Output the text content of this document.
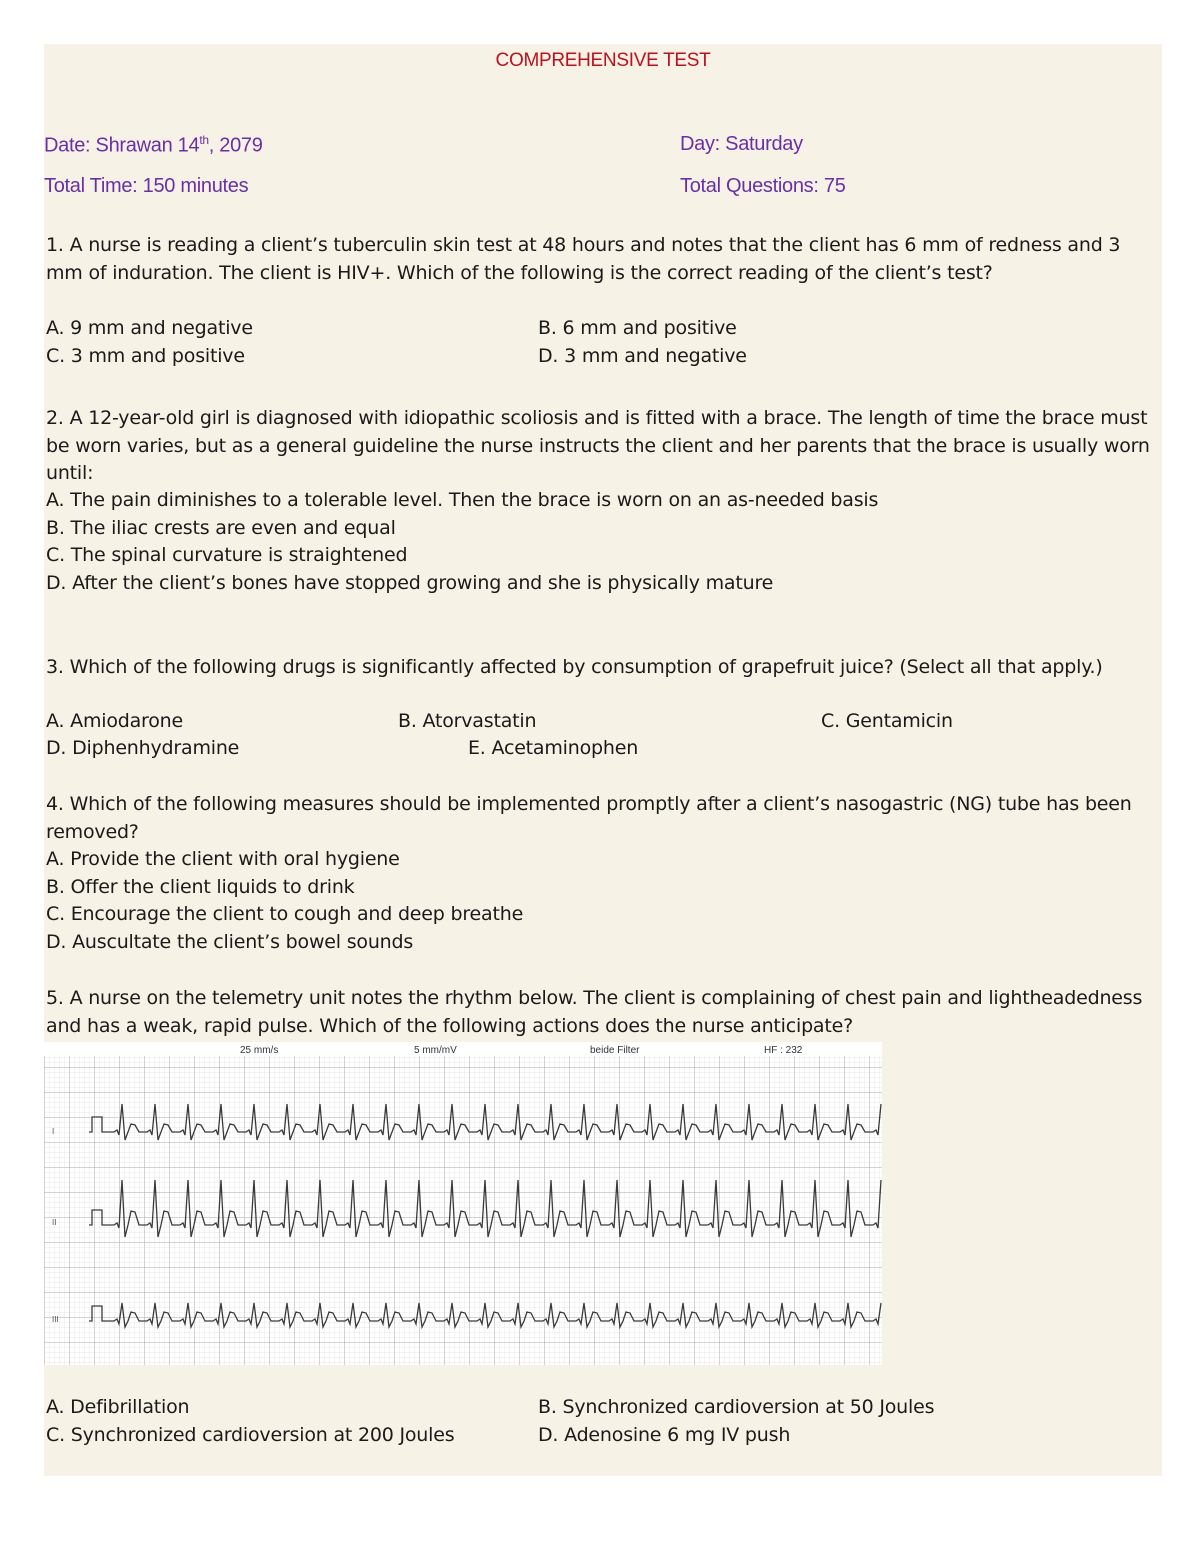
COMPREHENSIVE TEST
Date: Shrawan 14th, 2079	Day: Saturday
Total Time: 150 minutes	Total Questions: 75

1. A nurse is reading a client’s tuberculin skin test at 48 hours and notes that the client has 6 mm of redness and 3 mm of induration. The client is HIV+. Which of the following is the correct reading of the client’s test?

A. 9 mm and negative	B. 6 mm and positive
C. 3 mm and positive	D. 3 mm and negative

2. A 12-year-old girl is diagnosed with idiopathic scoliosis and is fitted with a brace. The length of time the brace must be worn varies, but as a general guideline the nurse instructs the client and her parents that the brace is usually worn until:

A. The pain diminishes to a tolerable level. Then the brace is worn on an as-needed basis
B. The iliac crests are even and equal
C. The spinal curvature is straightened
D. After the client’s bones have stopped growing and she is physically mature

3. Which of the following drugs is significantly affected by consumption of grapefruit juice? (Select all that apply.)

A. Amiodarone	B. Atorvastatin	C. Gentamicin
D. Diphenhydramine	E. Acetaminophen

4. Which of the following measures should be implemented promptly after a client’s nasogastric (NG) tube has been removed?

A. Provide the client with oral hygiene
B. Offer the client liquids to drink
C. Encourage the client to cough and deep breathe
D. Auscultate the client’s bowel sounds

5. A nurse on the telemetry unit notes the rhythm below. The client is complaining of chest pain and lightheadedness and has a weak, rapid pulse. Which of the following actions does the nurse anticipate?

25 mm/s	5 mm/mV	beide Filter	HF : 232
I
II
III
A. Defibrillation	B. Synchronized cardioversion at 50 Joules
C. Synchronized cardioversion at 200 Joules	D. Adenosine 6 mg IV push
